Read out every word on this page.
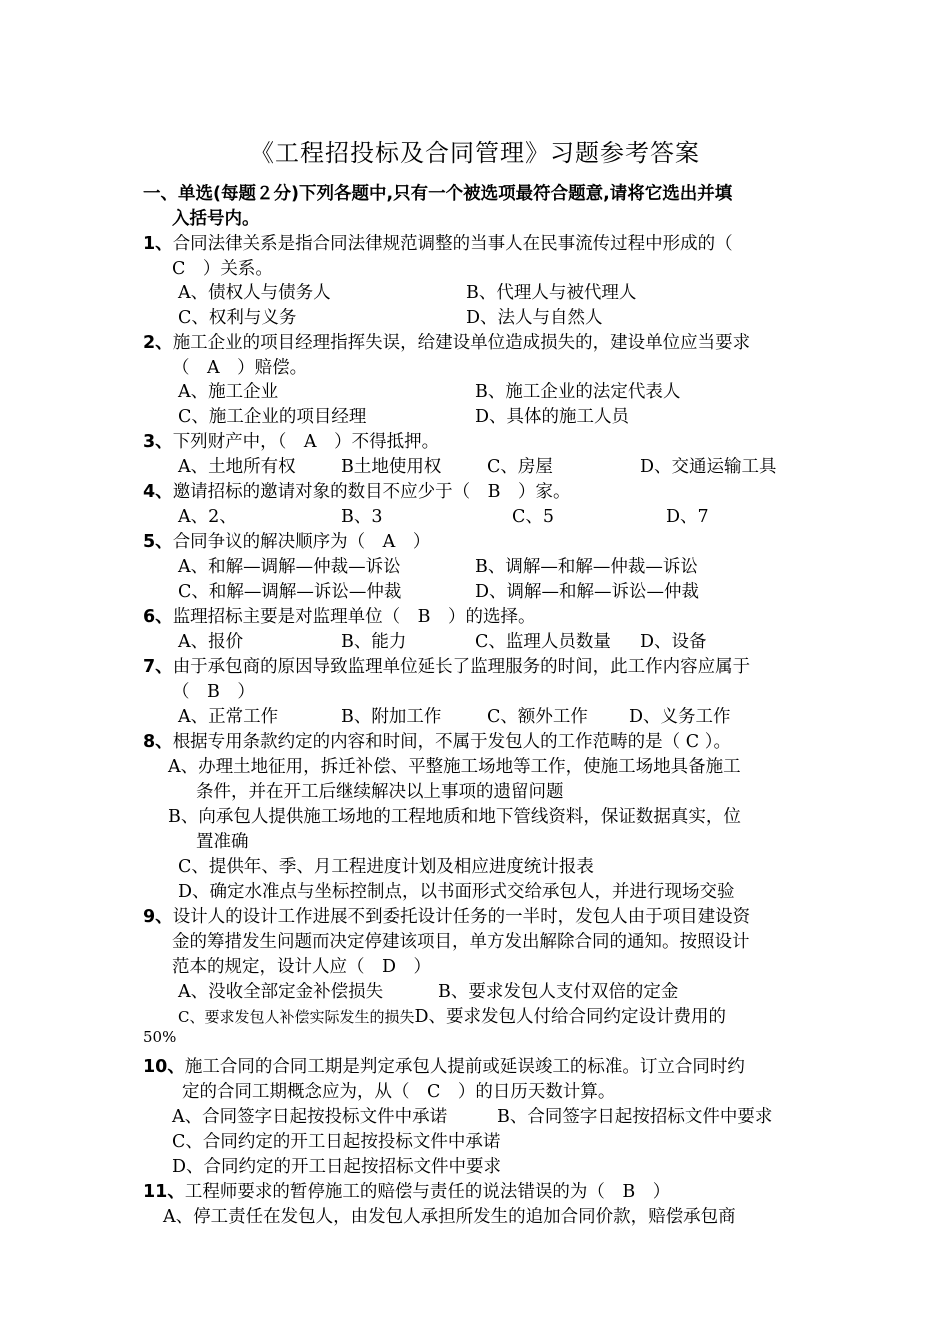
《工程招投标及合同管理》习题参考答案
一、单选(每题２分)下列各题中,只有一个被选项最符合题意,请将它选出并填
入括号内。
1、合同法律关系是指合同法律规范调整的当事人在民事流传过程中形成的（
C　）关系。
A、债权人与债务人	B、代理人与被代理人
C、权利与义务	D、法人与自然人
2、施工企业的项目经理指挥失误，给建设单位造成损失的，建设单位应当要求
（　A　）赔偿。
A、施工企业	B、施工企业的法定代表人
C、施工企业的项目经理	D、具体的施工人员
3、下列财产中，（　A　）不得抵押。
A、土地所有权	B土地使用权	C、房屋	D、交通运输工具
4、邀请招标的邀请对象的数目不应少于（　B　）家。
A、2、	B、3	C、5	D、7
5、合同争议的解决顺序为（　A　）
A、和解—调解—仲裁—诉讼	B、调解—和解—仲裁—诉讼
C、和解—调解—诉讼—仲裁	D、调解—和解—诉讼—仲裁
6、监理招标主要是对监理单位（　B　）的选择。
A、报价	B、能力	C、监理人员数量 D、设备
7、由于承包商的原因导致监理单位延长了监理服务的时间，此工作内容应属于
（　B　）
A、正常工作	B、附加工作	C、额外工作 D、义务工作
8、根据专用条款约定的内容和时间，不属于发包人的工作范畴的是（ C ）。
A、办理土地征用，拆迁补偿、平整施工场地等工作，使施工场地具备施工
条件，并在开工后继续解决以上事项的遗留问题
B、向承包人提供施工场地的工程地质和地下管线资料，保证数据真实，位
置准确
C、提供年、季、月工程进度计划及相应进度统计报表
D、确定水准点与坐标控制点，以书面形式交给承包人，并进行现场交验
9、设计人的设计工作进展不到委托设计任务的一半时，发包人由于项目建设资
金的筹措发生问题而决定停建该项目，单方发出解除合同的通知。按照设计
范本的规定，设计人应（　D　）
A、没收全部定金补偿损失	B、要求发包人支付双倍的定金
C、要求发包人补偿实际发生的损失D、要求发包人付给合同约定设计费用的
50%
10、施工合同的合同工期是判定承包人提前或延误竣工的标准。订立合同时约
定的合同工期概念应为，从（　C　）的日历天数计算。
A、合同签字日起按投标文件中承诺	B、合同签字日起按招标文件中要求
C、合同约定的开工日起按投标文件中承诺
D、合同约定的开工日起按招标文件中要求
11、工程师要求的暂停施工的赔偿与责任的说法错误的为（　B　）
A、停工责任在发包人，由发包人承担所发生的追加合同价款，赔偿承包商
